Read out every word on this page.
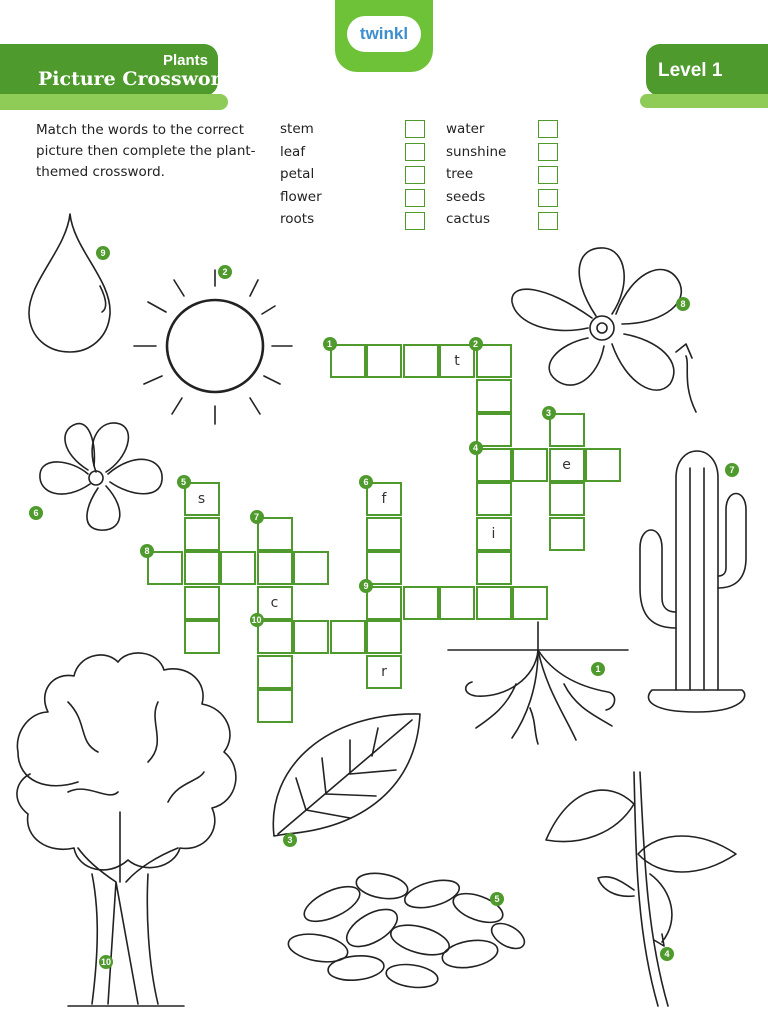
Plants
Picture Crossword
twinkl
Level 1
Match the words to the correct picture then complete the plant-themed crossword.
stem
leaf
petal
flower
roots
water
sunshine
tree
seeds
cactus
1
t
2
4
i
e
3
s
5
7
c
10
f
6
9
r
8
9
2
8
6
7
1
3
5
10
4
